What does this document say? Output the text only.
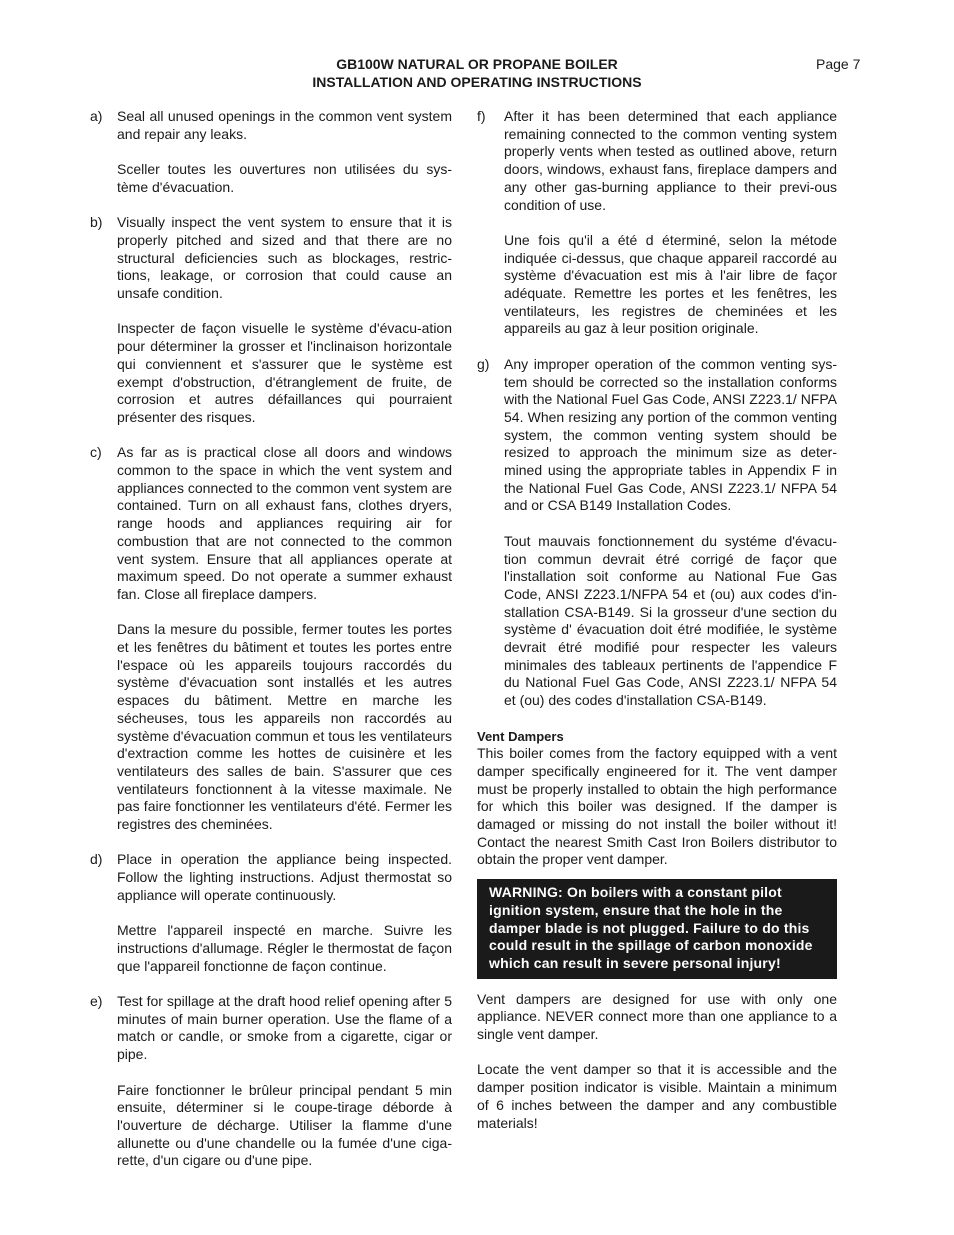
GB100W NATURAL OR PROPANE BOILER
INSTALLATION AND OPERATING INSTRUCTIONS
Page 7
a) Seal all unused openings in the common vent system and repair any leaks.

Sceller toutes les ouvertures non utilisées du sys-tème d'évacuation.

b) Visually inspect the vent system to ensure that it is properly pitched and sized and that there are no structural deficiencies such as blockages, restric-tions, leakage, or corrosion that could cause an unsafe condition.

Inspecter de façon visuelle le système d'évacu-ation pour déterminer la grosser et l'inclinaison horizontale qui conviennent et s'assurer que le système est exempt d'obstruction, d'étranglement de fruite, de corrosion et autres défaillances qui pourraient présenter des risques.

c) As far as is practical close all doors and windows common to the space in which the vent system and appliances connected to the common vent system are contained. Turn on all exhaust fans, clothes dryers, range hoods and appliances requiring air for combustion that are not connected to the common vent system. Ensure that all appliances operate at maximum speed. Do not operate a summer exhaust fan. Close all fireplace dampers.

Dans la mesure du possible, fermer toutes les portes et les fenêtres du bâtiment et toutes les portes entre l'espace où les appareils toujours raccordés du système d'évacuation sont installés et les autres espaces du bâtiment. Mettre en marche les sécheuses, tous les appareils non raccordés au système d'évacuation commun et tous les ventilateurs d'extraction comme les hottes de cuisinère et les ventilateurs des salles de bain. S'assurer que ces ventilateurs fonctionnent à la vitesse maximale. Ne pas faire fonctionner les ventilateurs d'été. Fermer les registres des cheminées.

d) Place in operation the appliance being inspected. Follow the lighting instructions. Adjust thermostat so appliance will operate continuously.

Mettre l'appareil inspecté en marche. Suivre les instructions d'allumage. Régler le thermostat de façon que l'appareil fonctionne de façon continue.

e) Test for spillage at the draft hood relief opening after 5 minutes of main burner operation. Use the flame of a match or candle, or smoke from a cigarette, cigar or pipe.

Faire fonctionner le brûleur principal pendant 5 min ensuite, déterminer si le coupe-tirage déborde à l'ouverture de décharge. Utiliser la flamme d'une allunette ou d'une chandelle ou la fumée d'une ciga-rette, d'un cigare ou d'une pipe.

f) After it has been determined that each appliance remaining connected to the common venting system properly vents when tested as outlined above, return doors, windows, exhaust fans, fireplace dampers and any other gas-burning appliance to their previ-ous condition of use.

Une fois qu'il a été d éterminé, selon la métode indiquée ci-dessus, que chaque appareil raccordé au système d'évacuation est mis à l'air libre de façor adéquate. Remettre les portes et les fenêtres, les ventilateurs, les registres de cheminées et les appareils au gaz à leur position originale.

g) Any improper operation of the common venting sys-tem should be corrected so the installation conforms with the National Fuel Gas Code, ANSI Z223.1/ NFPA 54. When resizing any portion of the common venting system, the common venting system should be resized to approach the minimum size as deter-mined using the appropriate tables in Appendix F in the National Fuel Gas Code, ANSI Z223.1/ NFPA 54 and or CSA B149 Installation Codes.

Tout mauvais fonctionnement du systéme d'évacu-tion commun devrait étré corrigé de façor que l'installation soit conforme au National Fue Gas Code, ANSI Z223.1/NFPA 54 et (ou) aux codes d'in-stallation CSA-B149. Si la grosseur d'une section du système d' évacuation doit étré modifiée, le système devrait étré modifié pour respecter les valeurs minimales des tableaux pertinents de l'appendice F du National Fuel Gas Code, ANSI Z223.1/ NFPA 54 et (ou) des codes d'installation CSA-B149.

Vent Dampers

This boiler comes from the factory equipped with a vent damper specifically engineered for it. The vent damper must be properly installed to obtain the high performance for which this boiler was designed. If the damper is damaged or missing do not install the boiler without it! Contact the nearest Smith Cast Iron Boilers distributor to obtain the proper vent damper.

WARNING: On boilers with a constant pilot ignition system, ensure that the hole in the damper blade is not plugged. Failure to do this could result in the spillage of carbon monoxide which can result in severe personal injury!

Vent dampers are designed for use with only one appliance. NEVER connect more than one appliance to a single vent damper.

Locate the vent damper so that it is accessible and the damper position indicator is visible. Maintain a minimum of 6 inches between the damper and any combustible materials!
